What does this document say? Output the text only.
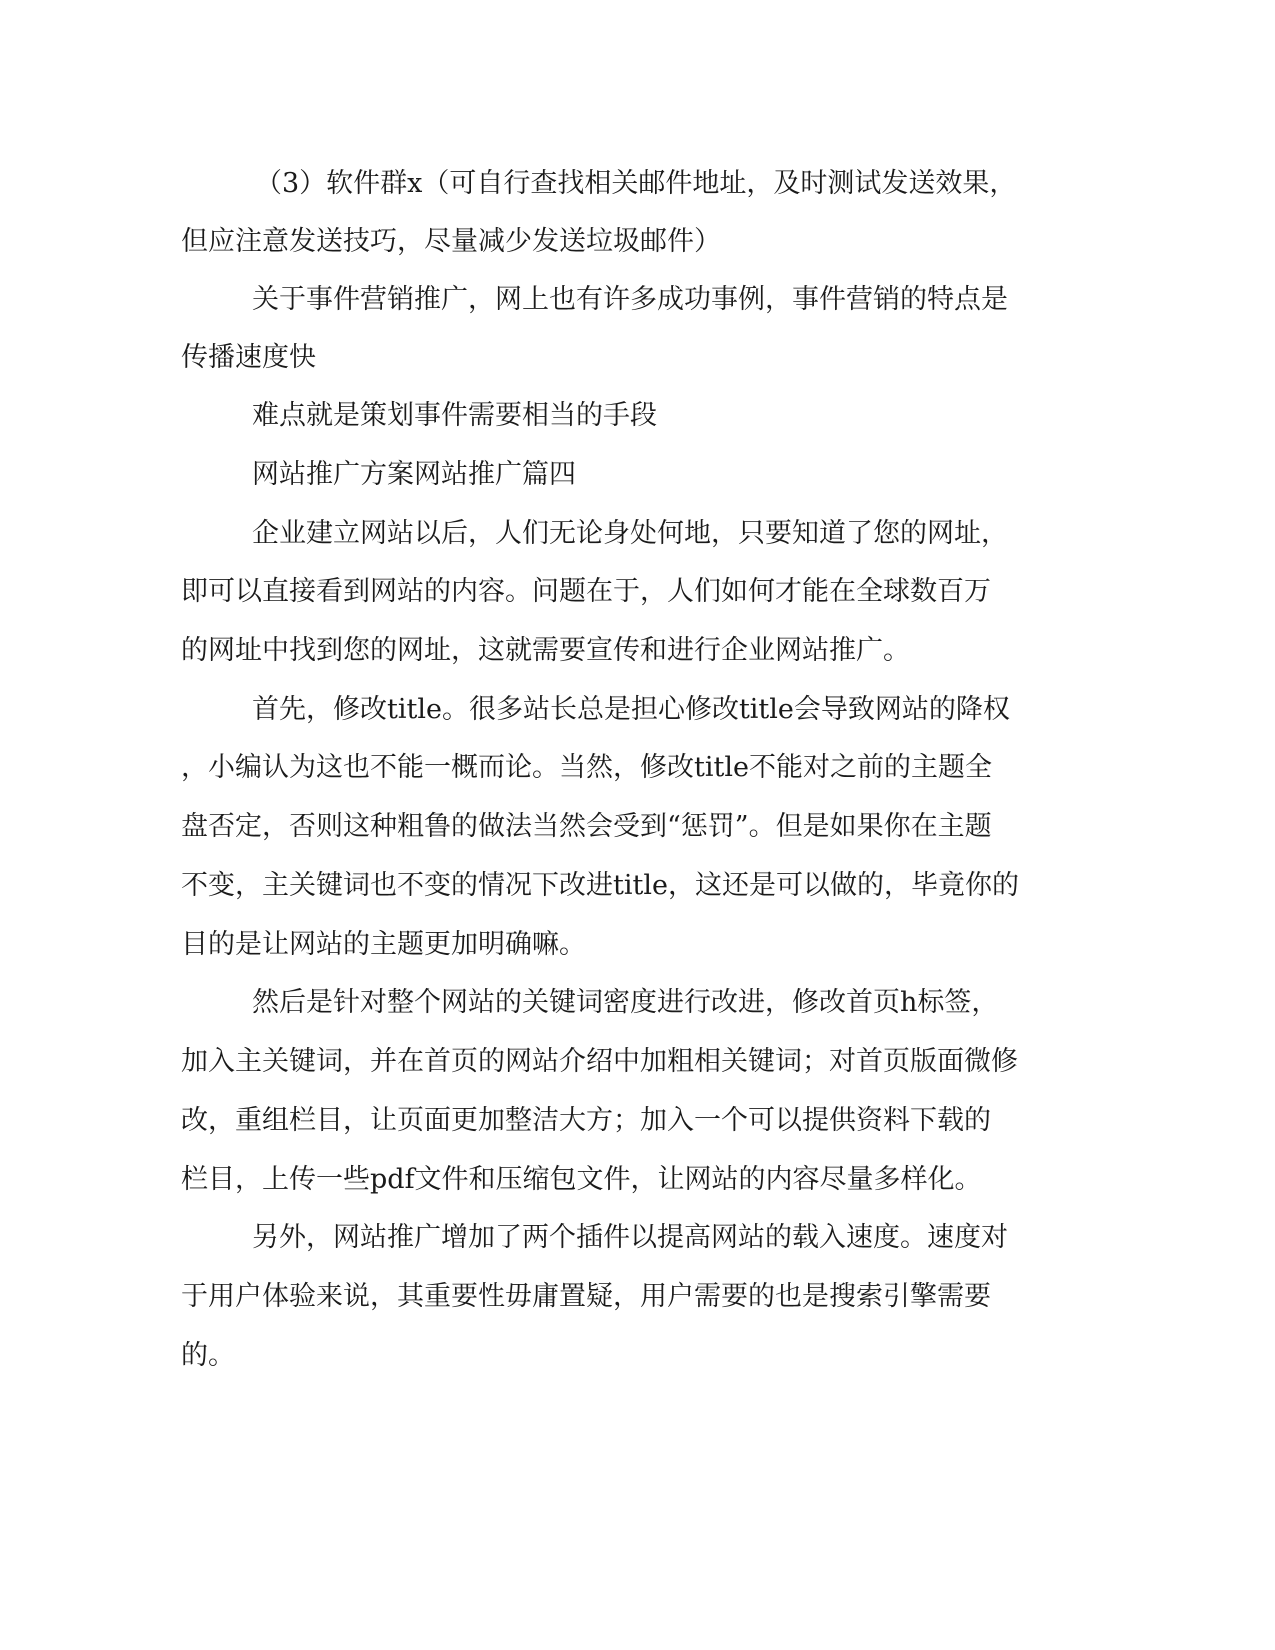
（3）软件群x（可自行查找相关邮件地址，及时测试发送效果，
但应注意发送技巧，尽量减少发送垃圾邮件）
关于事件营销推广，网上也有许多成功事例，事件营销的特点是
传播速度快
难点就是策划事件需要相当的手段
网站推广方案网站推广篇四
企业建立网站以后，人们无论身处何地，只要知道了您的网址，
即可以直接看到网站的内容。问题在于，人们如何才能在全球数百万
的网址中找到您的网址，这就需要宣传和进行企业网站推广。
首先，修改title。很多站长总是担心修改title会导致网站的降权
，小编认为这也不能一概而论。当然，修改title不能对之前的主题全
盘否定，否则这种粗鲁的做法当然会受到“惩罚”。但是如果你在主题
不变，主关键词也不变的情况下改进title，这还是可以做的，毕竟你的
目的是让网站的主题更加明确嘛。
然后是针对整个网站的关键词密度进行改进，修改首页h标签，
加入主关键词，并在首页的网站介绍中加粗相关键词；对首页版面微修
改，重组栏目，让页面更加整洁大方；加入一个可以提供资料下载的
栏目，上传一些pdf文件和压缩包文件，让网站的内容尽量多样化。
另外，网站推广增加了两个插件以提高网站的载入速度。速度对
于用户体验来说，其重要性毋庸置疑，用户需要的也是搜索引擎需要
的。
